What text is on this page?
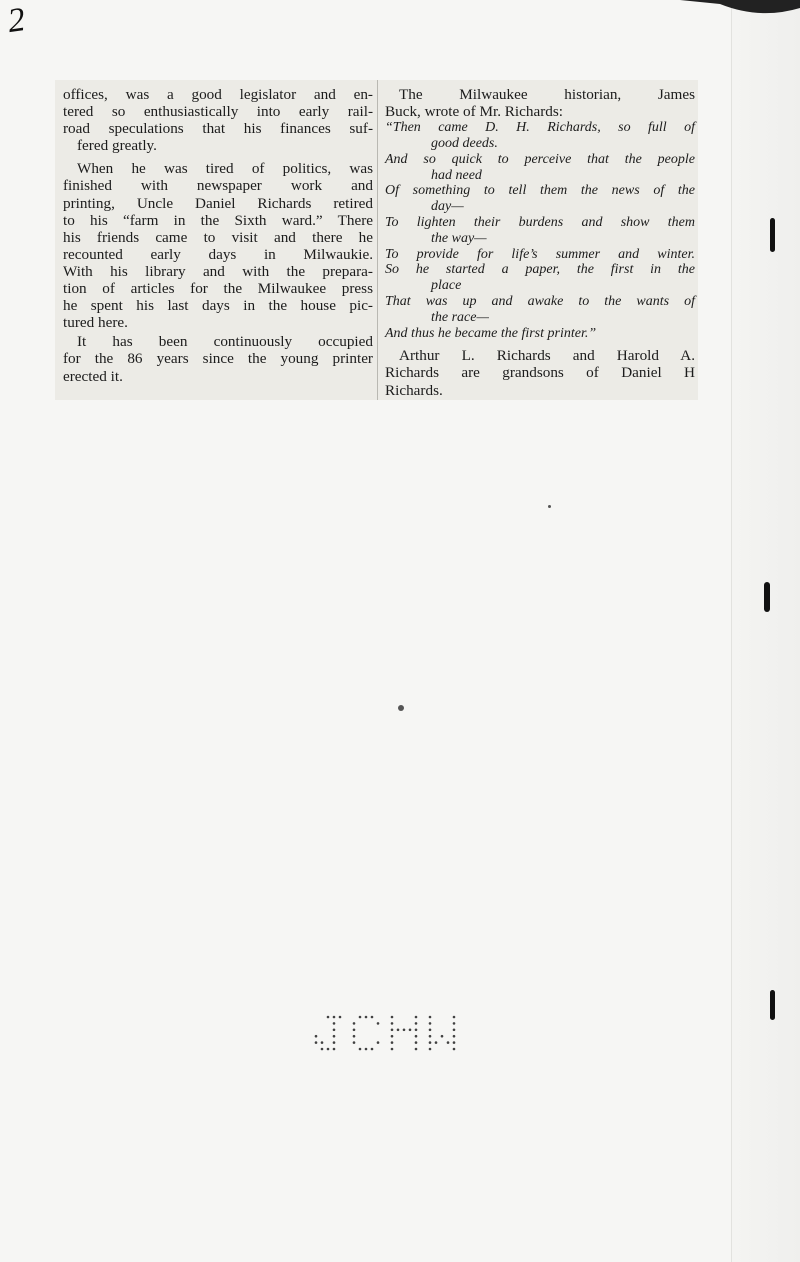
2

offices, was a good legislator and en-
tered so enthusiastically into early rail-
road speculations that his finances suf-
fered greatly.

When he was tired of politics, was
finished with newspaper work and
printing, Uncle Daniel Richards retired
to his “farm in the Sixth ward.” There
his friends came to visit and there he
recounted early days in Milwaukie.
With his library and with the prepara-
tion of articles for the Milwaukee press
he spent his last days in the house pic-
tured here.

It has been continuously occupied
for the 86 years since the young printer
erected it.

The Milwaukee historian, James
Buck, wrote of Mr. Richards:

“Then came D. H. Richards, so full of
good deeds.
And so quick to perceive that the people
had need
Of something to tell them the news of the
day—
To lighten their burdens and show them
the way—
To provide for life’s summer and winter.
So he started a paper, the first in the
place
That was up and awake to the wants of
the race—
And thus he became the first printer.”

Arthur L. Richards and Harold A.
Richards are grandsons of Daniel H
Richards.
